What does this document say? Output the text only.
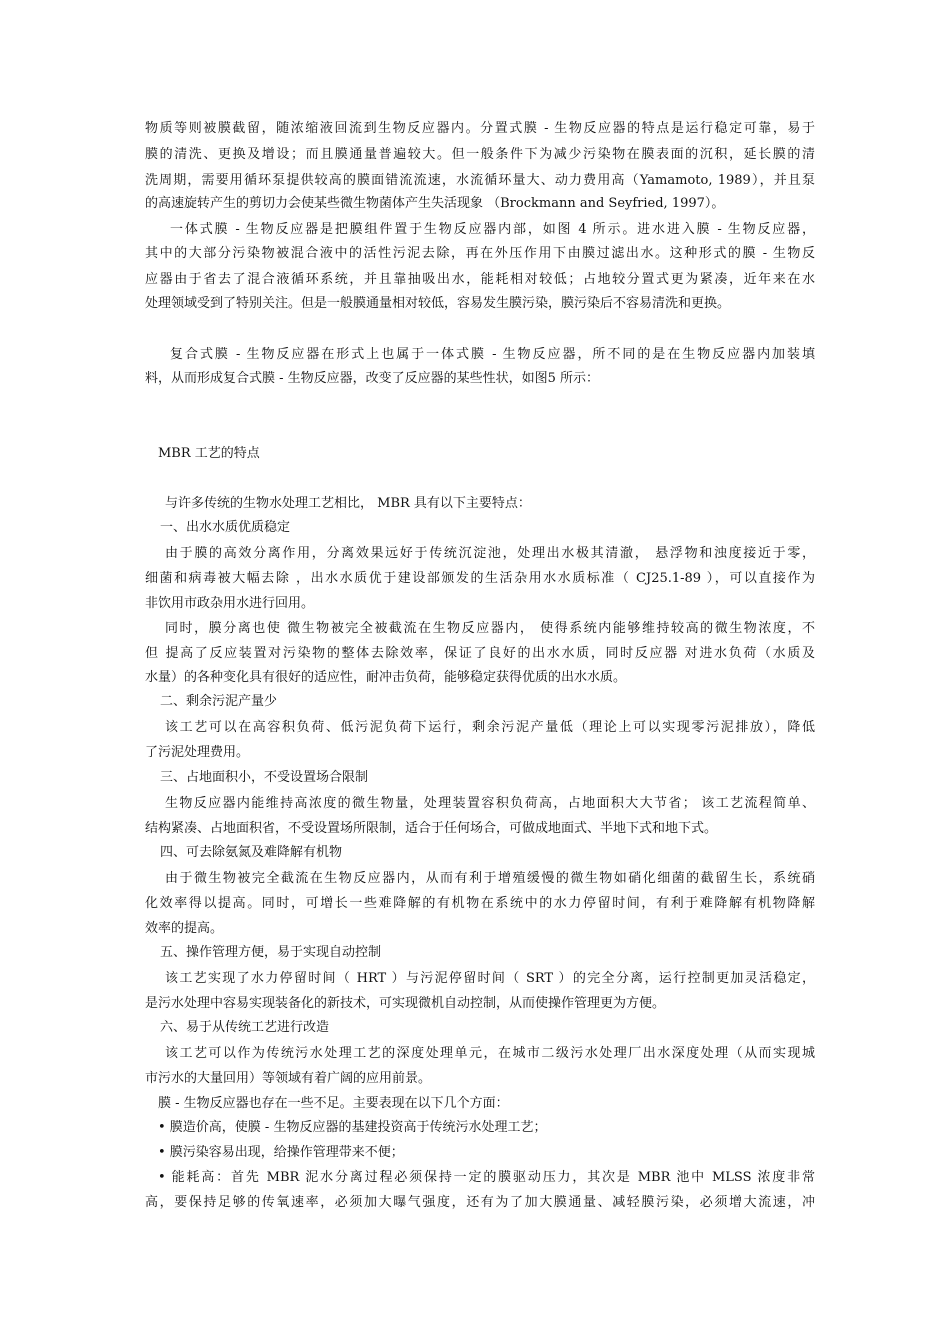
物质等则被膜截留，随浓缩液回流到生物反应器内。分置式膜 - 生物反应器的特点是运行稳定可靠，易于
膜的清洗、更换及增设；而且膜通量普遍较大。但一般条件下为减少污染物在膜表面的沉积，延长膜的清
洗周期，需要用循环泵提供较高的膜面错流流速，水流循环量大、动力费用高（Yamamoto, 1989），并且泵
的高速旋转产生的剪切力会使某些微生物菌体产生失活现象 （Brockmann and Seyfried, 1997）。
一体式膜 - 生物反应器是把膜组件置于生物反应器内部，如图 4 所示。进水进入膜 - 生物反应器，
其中的大部分污染物被混合液中的活性污泥去除，再在外压作用下由膜过滤出水。这种形式的膜 - 生物反
应器由于省去了混合液循环系统，并且靠抽吸出水，能耗相对较低；占地较分置式更为紧凑，近年来在水
处理领域受到了特别关注。但是一般膜通量相对较低，容易发生膜污染，膜污染后不容易清洗和更换。
复合式膜 - 生物反应器在形式上也属于一体式膜 - 生物反应器，所不同的是在生物反应器内加装填
料，从而形成复合式膜 - 生物反应器，改变了反应器的某些性状，如图5 所示：
MBR 工艺的特点
与许多传统的生物水处理工艺相比， MBR 具有以下主要特点：
一、出水水质优质稳定
由于膜的高效分离作用，分离效果远好于传统沉淀池，处理出水极其清澈， 悬浮物和浊度接近于零，
细菌和病毒被大幅去除 ，出水水质优于建设部颁发的生活杂用水水质标准（ CJ25.1-89 ），可以直接作为
非饮用市政杂用水进行回用。
同时，膜分离也使 微生物被完全被截流在生物反应器内， 使得系统内能够维持较高的微生物浓度，不
但 提高了反应装置对污染物的整体去除效率，保证了良好的出水水质，同时反应器 对进水负荷（水质及
水量）的各种变化具有很好的适应性，耐冲击负荷，能够稳定获得优质的出水水质。
二、剩余污泥产量少
该工艺可以在高容积负荷、低污泥负荷下运行，剩余污泥产量低（理论上可以实现零污泥排放），降低
了污泥处理费用。
三、占地面积小，不受设置场合限制
生物反应器内能维持高浓度的微生物量，处理装置容积负荷高，占地面积大大节省； 该工艺流程简单、
结构紧凑、占地面积省，不受设置场所限制，适合于任何场合，可做成地面式、半地下式和地下式。
四、可去除氨氮及难降解有机物
由于微生物被完全截流在生物反应器内，从而有利于增殖缓慢的微生物如硝化细菌的截留生长，系统硝
化效率得以提高。同时，可增长一些难降解的有机物在系统中的水力停留时间，有利于难降解有机物降解
效率的提高。
五、操作管理方便，易于实现自动控制
该工艺实现了水力停留时间（ HRT ）与污泥停留时间（ SRT ）的完全分离，运行控制更加灵活稳定，
是污水处理中容易实现装备化的新技术，可实现微机自动控制，从而使操作管理更为方便。
六、易于从传统工艺进行改造
该工艺可以作为传统污水处理工艺的深度处理单元，在城市二级污水处理厂出水深度处理（从而实现城
市污水的大量回用）等领域有着广阔的应用前景。
膜 - 生物反应器也存在一些不足。主要表现在以下几个方面：
• 膜造价高，使膜 - 生物反应器的基建投资高于传统污水处理工艺；
• 膜污染容易出现，给操作管理带来不便；
• 能耗高：首先 MBR 泥水分离过程必须保持一定的膜驱动压力，其次是 MBR 池中 MLSS 浓度非常
高，要保持足够的传氧速率，必须加大曝气强度，还有为了加大膜通量、减轻膜污染，必须增大流速，冲
